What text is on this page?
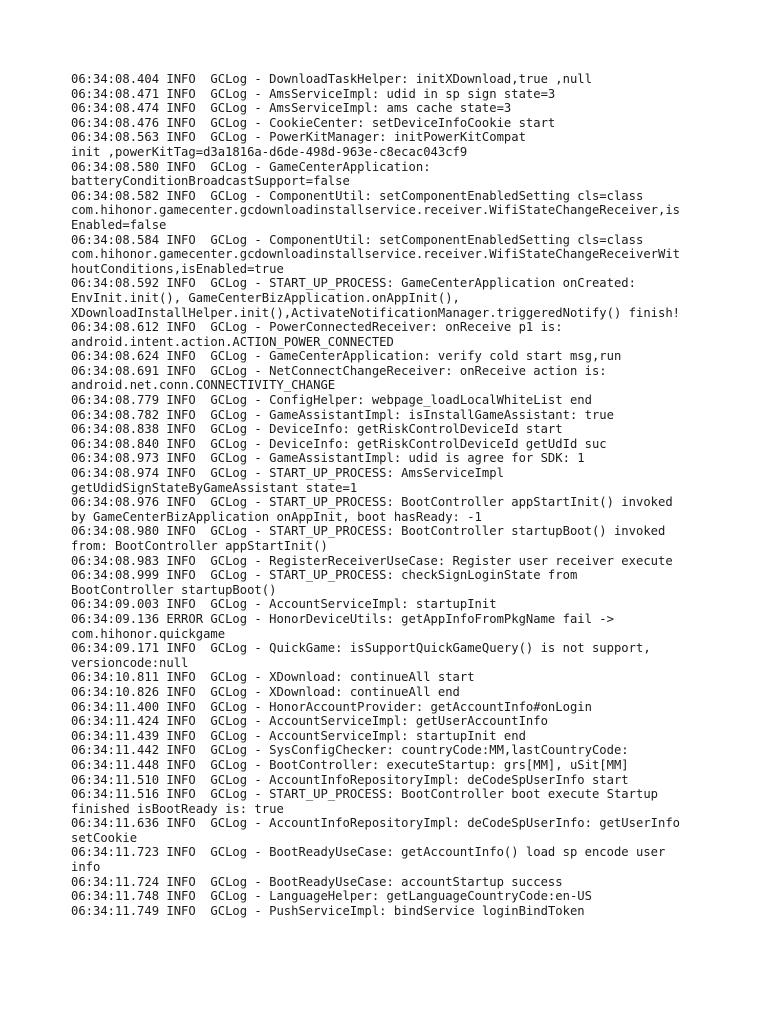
06:34:08.404 INFO  GCLog - DownloadTaskHelper: initXDownload,true ,null
06:34:08.471 INFO  GCLog - AmsServiceImpl: udid in sp sign state=3
06:34:08.474 INFO  GCLog - AmsServiceImpl: ams cache state=3
06:34:08.476 INFO  GCLog - CookieCenter: setDeviceInfoCookie start
06:34:08.563 INFO  GCLog - PowerKitManager: initPowerKitCompat
init ,powerKitTag=d3a1816a-d6de-498d-963e-c8ecac043cf9
06:34:08.580 INFO  GCLog - GameCenterApplication:
batteryConditionBroadcastSupport=false
06:34:08.582 INFO  GCLog - ComponentUtil: setComponentEnabledSetting cls=class
com.hihonor.gamecenter.gcdownloadinstallservice.receiver.WifiStateChangeReceiver,is
Enabled=false
06:34:08.584 INFO  GCLog - ComponentUtil: setComponentEnabledSetting cls=class
com.hihonor.gamecenter.gcdownloadinstallservice.receiver.WifiStateChangeReceiverWit
houtConditions,isEnabled=true
06:34:08.592 INFO  GCLog - START_UP_PROCESS: GameCenterApplication onCreated:
EnvInit.init(), GameCenterBizApplication.onAppInit(),
XDownloadInstallHelper.init(),ActivateNotificationManager.triggeredNotify() finish!
06:34:08.612 INFO  GCLog - PowerConnectedReceiver: onReceive p1 is:
android.intent.action.ACTION_POWER_CONNECTED
06:34:08.624 INFO  GCLog - GameCenterApplication: verify cold start msg,run
06:34:08.691 INFO  GCLog - NetConnectChangeReceiver: onReceive action is:
android.net.conn.CONNECTIVITY_CHANGE
06:34:08.779 INFO  GCLog - ConfigHelper: webpage_loadLocalWhiteList end
06:34:08.782 INFO  GCLog - GameAssistantImpl: isInstallGameAssistant: true
06:34:08.838 INFO  GCLog - DeviceInfo: getRiskControlDeviceId start
06:34:08.840 INFO  GCLog - DeviceInfo: getRiskControlDeviceId getUdId suc
06:34:08.973 INFO  GCLog - GameAssistantImpl: udid is agree for SDK: 1
06:34:08.974 INFO  GCLog - START_UP_PROCESS: AmsServiceImpl
getUdidSignStateByGameAssistant state=1
06:34:08.976 INFO  GCLog - START_UP_PROCESS: BootController appStartInit() invoked
by GameCenterBizApplication onAppInit, boot hasReady: -1
06:34:08.980 INFO  GCLog - START_UP_PROCESS: BootController startupBoot() invoked
from: BootController appStartInit()
06:34:08.983 INFO  GCLog - RegisterReceiverUseCase: Register user receiver execute
06:34:08.999 INFO  GCLog - START_UP_PROCESS: checkSignLoginState from
BootController startupBoot()
06:34:09.003 INFO  GCLog - AccountServiceImpl: startupInit
06:34:09.136 ERROR GCLog - HonorDeviceUtils: getAppInfoFromPkgName fail ->
com.hihonor.quickgame
06:34:09.171 INFO  GCLog - QuickGame: isSupportQuickGameQuery() is not support,
versioncode:null
06:34:10.811 INFO  GCLog - XDownload: continueAll start
06:34:10.826 INFO  GCLog - XDownload: continueAll end
06:34:11.400 INFO  GCLog - HonorAccountProvider: getAccountInfo#onLogin
06:34:11.424 INFO  GCLog - AccountServiceImpl: getUserAccountInfo
06:34:11.439 INFO  GCLog - AccountServiceImpl: startupInit end
06:34:11.442 INFO  GCLog - SysConfigChecker: countryCode:MM,lastCountryCode:
06:34:11.448 INFO  GCLog - BootController: executeStartup: grs[MM], uSit[MM]
06:34:11.510 INFO  GCLog - AccountInfoRepositoryImpl: deCodeSpUserInfo start
06:34:11.516 INFO  GCLog - START_UP_PROCESS: BootController boot execute Startup
finished isBootReady is: true
06:34:11.636 INFO  GCLog - AccountInfoRepositoryImpl: deCodeSpUserInfo: getUserInfo
setCookie
06:34:11.723 INFO  GCLog - BootReadyUseCase: getAccountInfo() load sp encode user
info
06:34:11.724 INFO  GCLog - BootReadyUseCase: accountStartup success
06:34:11.748 INFO  GCLog - LanguageHelper: getLanguageCountryCode:en-US
06:34:11.749 INFO  GCLog - PushServiceImpl: bindService loginBindToken
